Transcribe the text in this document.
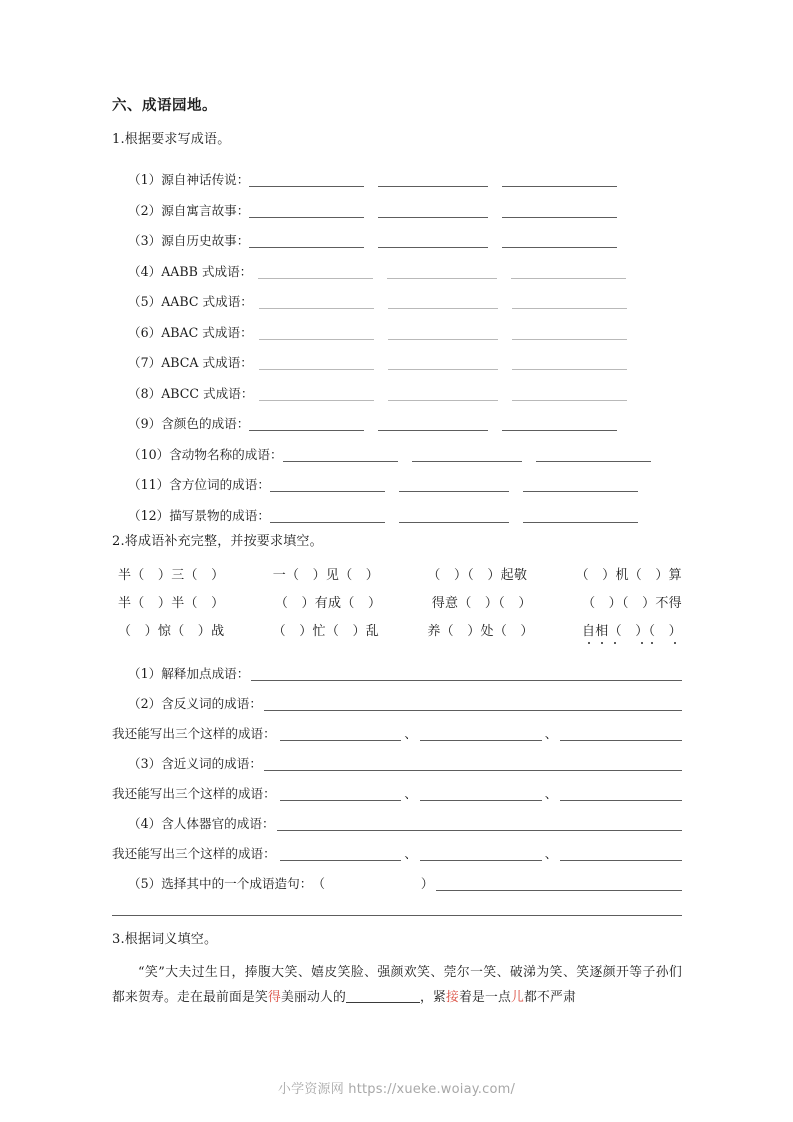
六、成语园地。
1.根据要求写成语。
（1）源自神话传说：
（2）源自寓言故事：
（3）源自历史故事：
（4）AABB 式成语：
（5）AABC 式成语：
（6）ABAC 式成语：
（7）ABCA 式成语：
（8）ABCC 式成语：
（9）含颜色的成语：
（10）含动物名称的成语：
（11）含方位词的成语：
（12）描写景物的成语：
2.将成语补充完整，并按要求填空。
半（　）三（　）	一（　）见（　）	（　）（　）起敬	（　）机（　）算
半（　）半（　）	（　）有成（　）	得意（　）（　）	（　）（　）不得
（　）惊（　）战	（　）忙（　）乱	养（　）处（　）	自相（　 ）（　 ）
（1）解释加点成语：
（2）含反义词的成语：
我还能写出三个这样的成语：	、	、
（3）含近义词的成语：
我还能写出三个这样的成语：	、	、
（4）含人体器官的成语：
我还能写出三个这样的成语：	、	、
（5）选择其中的一个成语造句： （	）
3.根据词义填空。

“笑”大夫过生日，捧腹大笑、嬉皮笑脸、强颜欢笑、莞尔一笑、破涕为笑、笑逐颜开等子孙们都来贺寿。走在最前面是笑得美丽动人的	，紧接着是一点儿都不严肃

小学资源网 https://xueke.woiay.com/
